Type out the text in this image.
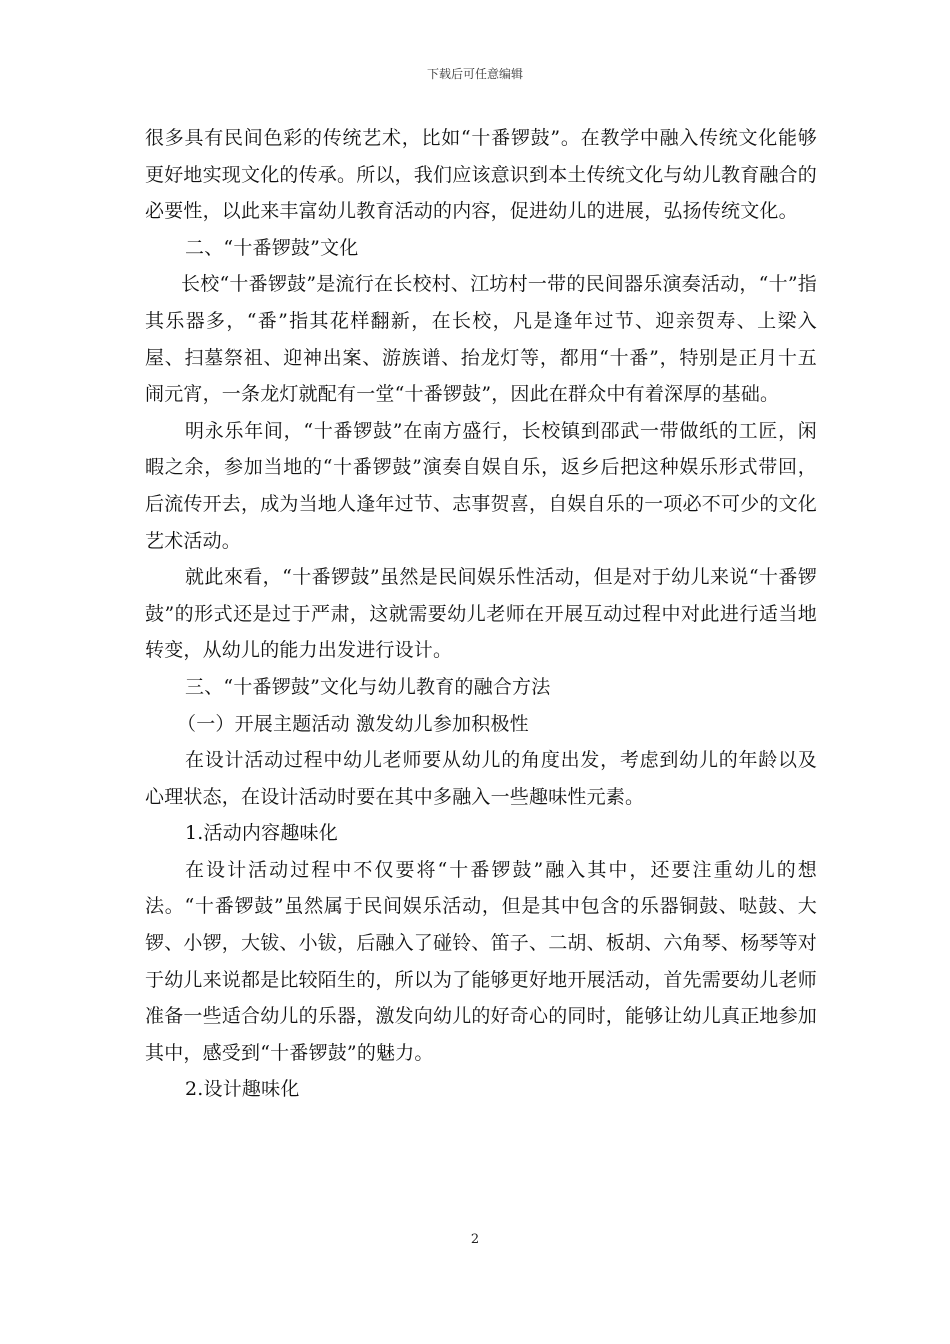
下载后可任意编辑

很多具有民间色彩的传统艺术，比如“十番锣鼓”。在教学中融入传统文化能够更好地实现文化的传承。所以，我们应该意识到本土传统文化与幼儿教育融合的必要性，以此来丰富幼儿教育活动的内容，促进幼儿的进展，弘扬传统文化。

二、“十番锣鼓”文化

长校“十番锣鼓”是流行在长校村、江坊村一带的民间器乐演奏活动，“十”指其乐器多，“番”指其花样翻新，在长校，凡是逢年过节、迎亲贺寿、上梁入屋、扫墓祭祖、迎神出案、游族谱、抬龙灯等，都用“十番”，特别是正月十五闹元宵，一条龙灯就配有一堂“十番锣鼓”，因此在群众中有着深厚的基础。

明永乐年间，“十番锣鼓”在南方盛行，长校镇到邵武一带做纸的工匠，闲暇之余，参加当地的“十番锣鼓”演奏自娱自乐，返乡后把这种娱乐形式带回，后流传开去，成为当地人逢年过节、志事贺喜，自娱自乐的一项必不可少的文化艺术活动。

就此來看，“十番锣鼓”虽然是民间娱乐性活动，但是对于幼儿来说“十番锣鼓”的形式还是过于严肃，这就需要幼儿老师在开展互动过程中对此进行适当地转变，从幼儿的能力出发进行设计。

三、“十番锣鼓”文化与幼儿教育的融合方法

（一）开展主题活动 激发幼儿参加积极性

在设计活动过程中幼儿老师要从幼儿的角度出发，考虑到幼儿的年龄以及心理状态，在设计活动时要在其中多融入一些趣味性元素。

1.活动内容趣味化

在设计活动过程中不仅要将“十番锣鼓”融入其中，还要注重幼儿的想法。“十番锣鼓”虽然属于民间娱乐活动，但是其中包含的乐器铜鼓、哒鼓、大锣、小锣，大钹、小钹，后融入了碰铃、笛子、二胡、板胡、六角琴、杨琴等对于幼儿来说都是比较陌生的，所以为了能够更好地开展活动，首先需要幼儿老师准备一些适合幼儿的乐器，激发向幼儿的好奇心的同时，能够让幼儿真正地参加其中，感受到“十番锣鼓”的魅力。

2.设计趣味化

2
